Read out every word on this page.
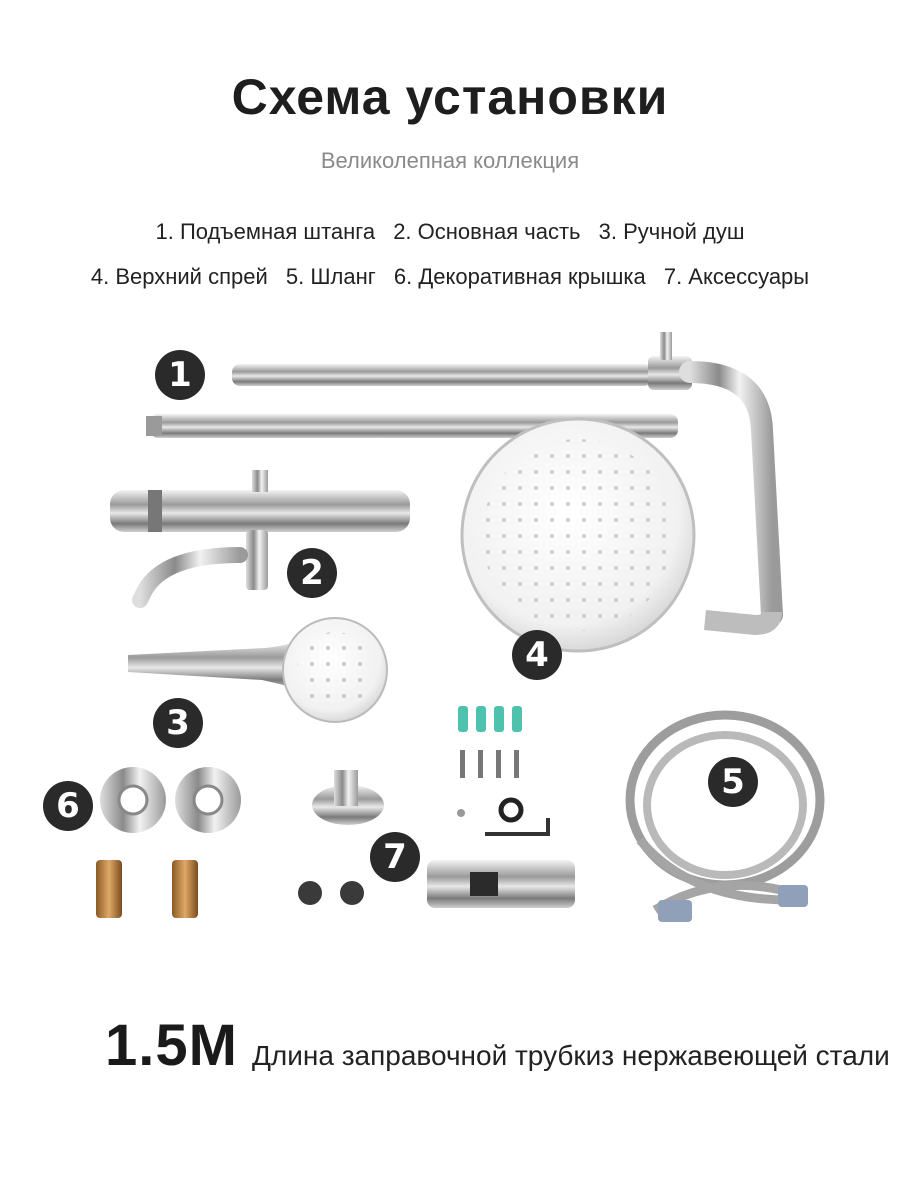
Схема установки
Великолепная коллекция
1. Подъемная штанга 2. Основная часть 3. Ручной душ
4. Верхний спрей 5. Шланг 6. Декоративная крышка 7. Аксессуары
1
2
3
4
5
6
7
1.5M Длина заправочной трубкиз нержавеющей стали
